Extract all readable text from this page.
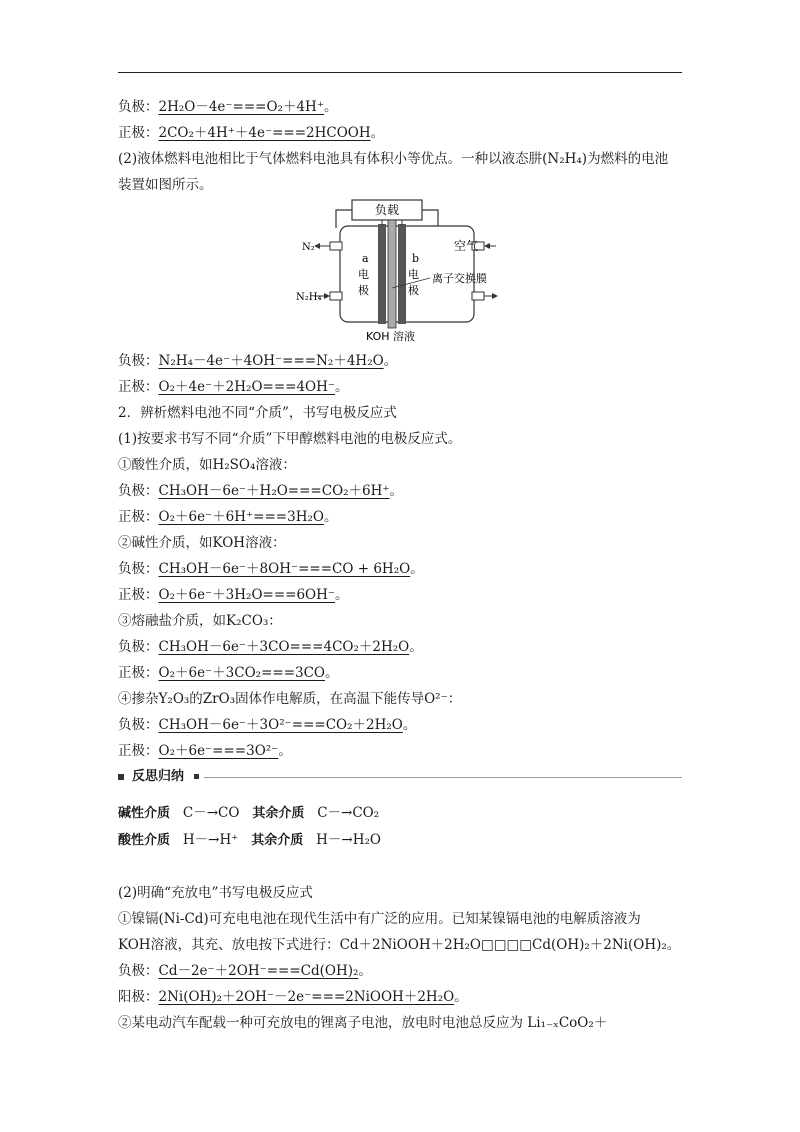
负极：2H₂O－4e⁻===O₂＋4H⁺。
正极：2CO₂＋4H⁺＋4e⁻===2HCOOH。
(2)液体燃料电池相比于气体燃料电池具有体积小等优点。一种以液态肼(N₂H₄)为燃料的电池
装置如图所示。
负载
N₂
N₂H₄
空气
a
电
极
b
电
极
离子交换膜
KOH 溶液
负极：N₂H₄－4e⁻＋4OH⁻===N₂＋4H₂O。
正极：O₂＋4e⁻＋2H₂O===4OH⁻。
2．辨析燃料电池不同“介质”，书写电极反应式
(1)按要求书写不同“介质”下甲醇燃料电池的电极反应式。
①酸性介质，如H₂SO₄溶液：
负极：CH₃OH－6e⁻＋H₂O===CO₂＋6H⁺。
正极：O₂＋6e⁻＋6H⁺===3H₂O。
②碱性介质，如KOH溶液：
负极：CH₃OH－6e⁻＋8OH⁻===CO + 6H₂O。
正极：O₂＋6e⁻＋3H₂O===6OH⁻。
③熔融盐介质，如K₂CO₃：
负极：CH₃OH－6e⁻＋3CO===4CO₂＋2H₂O。
正极：O₂＋6e⁻＋3CO₂===3CO。
④掺杂Y₂O₃的ZrO₃固体作电解质，在高温下能传导O²⁻：
负极：CH₃OH－6e⁻＋3O²⁻===CO₂＋2H₂O。
正极：O₂＋6e⁻===3O²⁻。
反思归纳
碱性介质 C－→CO 其余介质 C－→CO₂
酸性介质 H－→H⁺ 其余介质 H－→H₂O
(2)明确“充放电”书写电极反应式
①镍镉(Ni-Cd)可充电电池在现代生活中有广泛的应用。已知某镍镉电池的电解质溶液为
KOH溶液，其充、放电按下式进行：Cd＋2NiOOH＋2H₂O□□□□Cd(OH)₂＋2Ni(OH)₂。
负极：Cd－2e⁻＋2OH⁻===Cd(OH)₂。
阳极：2Ni(OH)₂＋2OH⁻－2e⁻===2NiOOH＋2H₂O。
②某电动汽车配载一种可充放电的锂离子电池，放电时电池总反应为 Li₁₋ₓCoO₂＋
